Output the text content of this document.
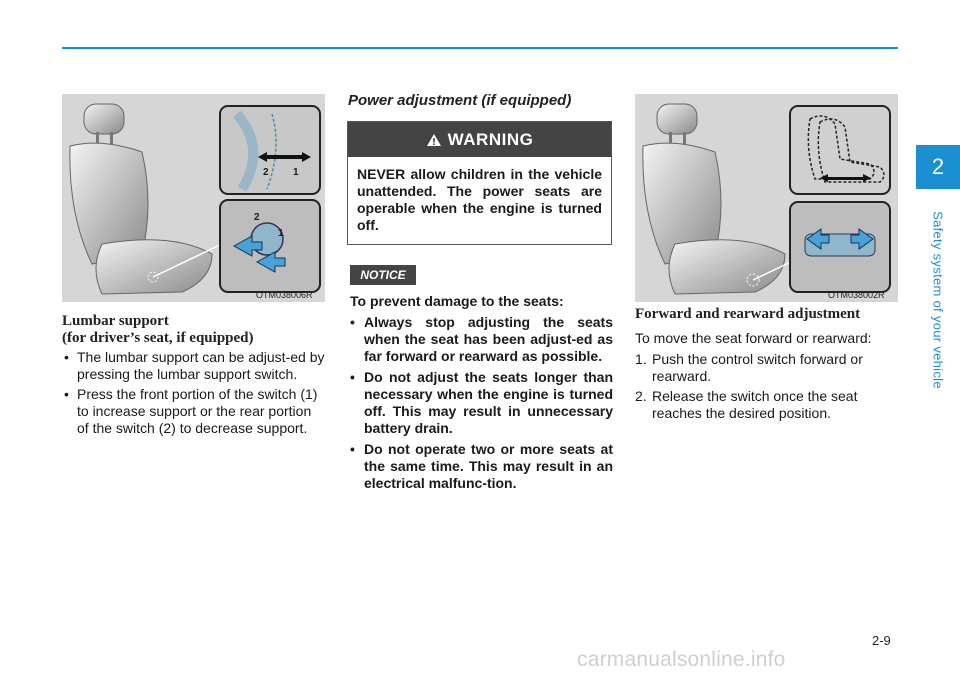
2
Safety system of your vehicle
2 1
2
1
OTM038006R
Lumbar support
(for driver’s seat, if equipped)
• The lumbar support can be adjust-ed by pressing the lumbar support switch.
• Press the front portion of the switch (1) to increase support or the rear portion of the switch (2) to decrease support.
Power adjustment (if equipped)
WARNING
NEVER allow children in the vehicle unattended. The power seats are operable when the engine is turned off.
NOTICE
To prevent damage to the seats:
• Always stop adjusting the seats when the seat has been adjust-ed as far forward or rearward as possible.
• Do not adjust the seats longer than necessary when the engine is turned off. This may result in unnecessary battery drain.
• Do not operate two or more seats at the same time. This may result in an electrical malfunc-tion.
OTM038002R
Forward and rearward adjustment
To move the seat forward or rearward:
1. Push the control switch forward or rearward.
2. Release the switch once the seat reaches the desired position.
2-9
carmanualsonline.info
